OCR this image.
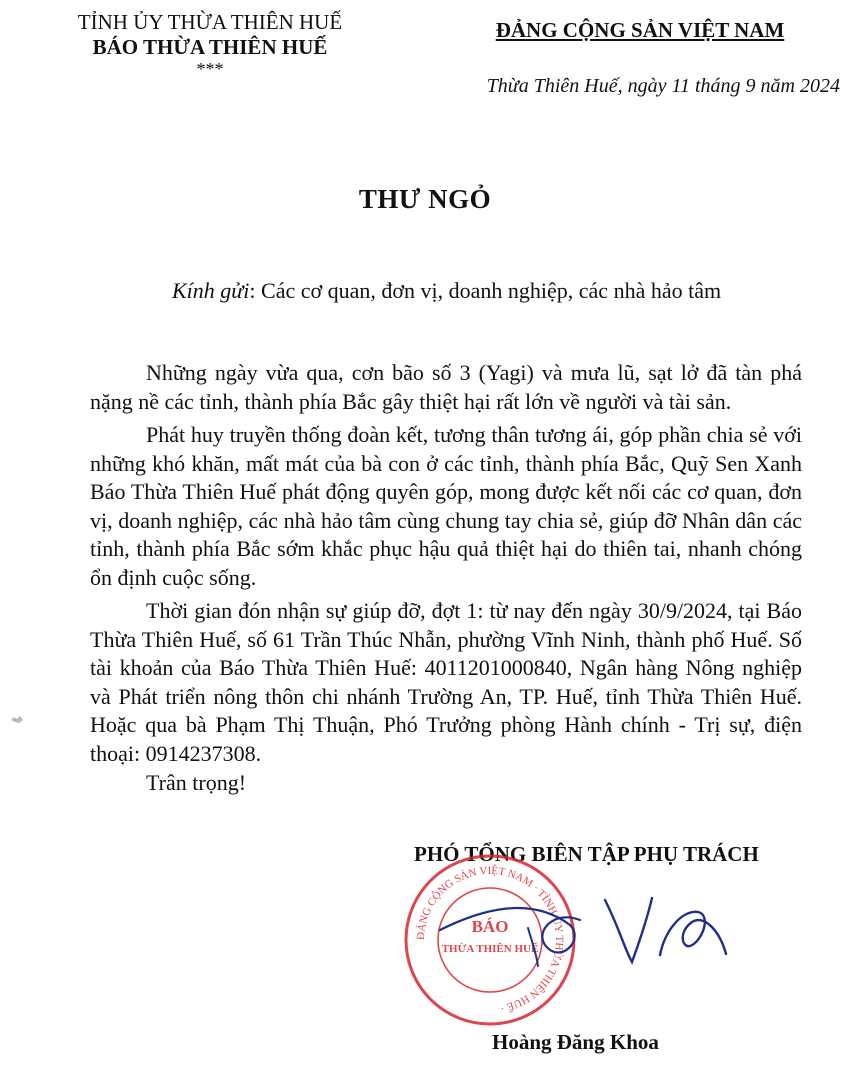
TỈNH ỦY THỪA THIÊN HUẾ
BÁO THỪA THIÊN HUẾ
***
ĐẢNG CỘNG SẢN VIỆT NAM
Thừa Thiên Huế, ngày 11 tháng 9 năm 2024
THƯ NGỎ
Kính gửi: Các cơ quan, đơn vị, doanh nghiệp, các nhà hảo tâm

Những ngày vừa qua, cơn bão số 3 (Yagi) và mưa lũ, sạt lở đã tàn phá nặng nề các tỉnh, thành phía Bắc gây thiệt hại rất lớn về người và tài sản.

Phát huy truyền thống đoàn kết, tương thân tương ái, góp phần chia sẻ với những khó khăn, mất mát của bà con ở các tỉnh, thành phía Bắc, Quỹ Sen Xanh Báo Thừa Thiên Huế phát động quyên góp, mong được kết nối các cơ quan, đơn vị, doanh nghiệp, các nhà hảo tâm cùng chung tay chia sẻ, giúp đỡ Nhân dân các tỉnh, thành phía Bắc sớm khắc phục hậu quả thiệt hại do thiên tai, nhanh chóng ổn định cuộc sống.

Thời gian đón nhận sự giúp đỡ, đợt 1: từ nay đến ngày 30/9/2024, tại Báo Thừa Thiên Huế, số 61 Trần Thúc Nhẫn, phường Vĩnh Ninh, thành phố Huế. Số tài khoản của Báo Thừa Thiên Huế: 4011201000840, Ngân hàng Nông nghiệp và Phát triển nông thôn chi nhánh Trường An, TP. Huế, tỉnh Thừa Thiên Huế. Hoặc qua bà Phạm Thị Thuận, Phó Trưởng phòng Hành chính - Trị sự, điện thoại: 0914237308.

Trân trọng!
PHÓ TỔNG BIÊN TẬP PHỤ TRÁCH
ĐẢNG CỘNG SẢN VIỆT NAM · TỈNH ỦY THỪA THIÊN HUẾ ·
BÁO
THỪA THIÊN HUẾ
Hoàng Đăng Khoa
